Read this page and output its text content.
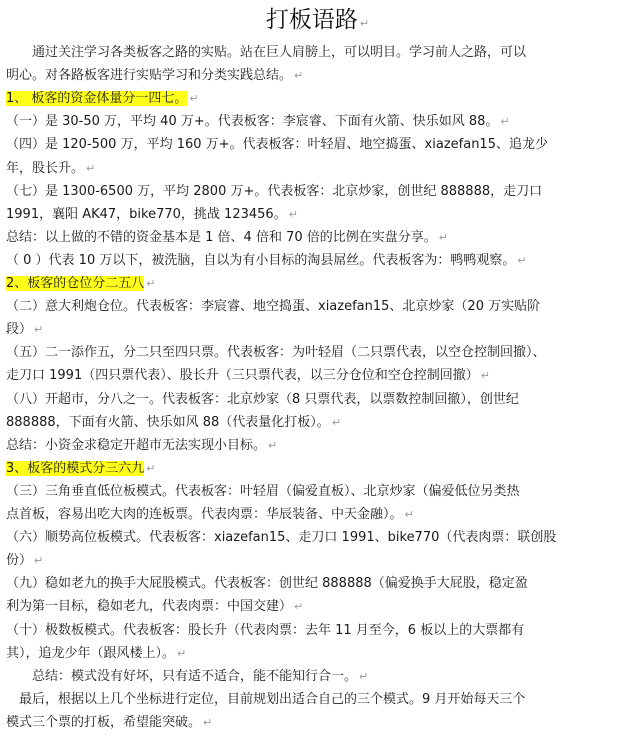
打板语路 ↵
　　通过关注学习各类板客之路的实贴。站在巨人肩膀上，可以明目。学习前人之路，可以
明心。对各路板客进行实贴学习和分类实践总结。 ↵
1、 板客的资金体量分一四七。 ↵
（一）是 30-50 万，平均 40 万+。代表板客：李宸睿、下面有火箭、快乐如风 88。 ↵
（四）是 120-500 万，平均 160 万+。代表板客：叶轻眉、地空捣蛋、xiazefan15、追龙少
年，股长升。 ↵
（七）是 1300-6500 万，平均 2800 万+。代表板客：北京炒家，创世纪 888888，走刀口
1991，襄阳 AK47，bike770，挑战 123456。 ↵
总结：以上做的不错的资金基本是 1 倍、4 倍和 70 倍的比例在实盘分享。 ↵
（ 0 ）代表 10 万以下，被洗脑，自以为有小目标的淘县屌丝。代表板客为：鸭鸭观察。 ↵
2、板客的仓位分二五八 ↵
（二）意大利炮仓位。代表板客：李宸睿、地空捣蛋、xiazefan15、北京炒家（20 万实贴阶
段） ↵
（五）二一添作五，分二只至四只票。代表板客：为叶轻眉（二只票代表，以空仓控制回撤）、
走刀口 1991（四只票代表）、股长升（三只票代表，以三分仓位和空仓控制回撤） ↵
（八）开超市，分八之一。代表板客：北京炒家（8 只票代表，以票数控制回撤），创世纪
888888，下面有火箭、快乐如风 88（代表量化打板）。 ↵
总结：小资金求稳定开超市无法实现小目标。 ↵
3、板客的模式分三六九 ↵
（三）三角垂直低位板模式。代表板客：叶轻眉（偏爱直板）、北京炒家（偏爱低位另类热
点首板，容易出吃大肉的连板票。代表肉票：华辰装备、中天金融）。 ↵
（六）顺势高位板模式。代表板客：xiazefan15、走刀口 1991、bike770（代表肉票：联创股
份） ↵
（九）稳如老九的换手大屁股模式。代表板客：创世纪 888888（偏爱换手大屁股，稳定盈
利为第一目标，稳如老九，代表肉票：中国交建） ↵
（十）极数板模式。代表板客：股长升（代表肉票：去年 11 月至今，6 板以上的大票都有
其），追龙少年（跟风楼上）。 ↵
　　总结：模式没有好坏，只有适不适合，能不能知行合一。 ↵
　最后，根据以上几个坐标进行定位，目前规划出适合自己的三个模式。9 月开始每天三个
模式三个票的打板，希望能突破。 ↵
